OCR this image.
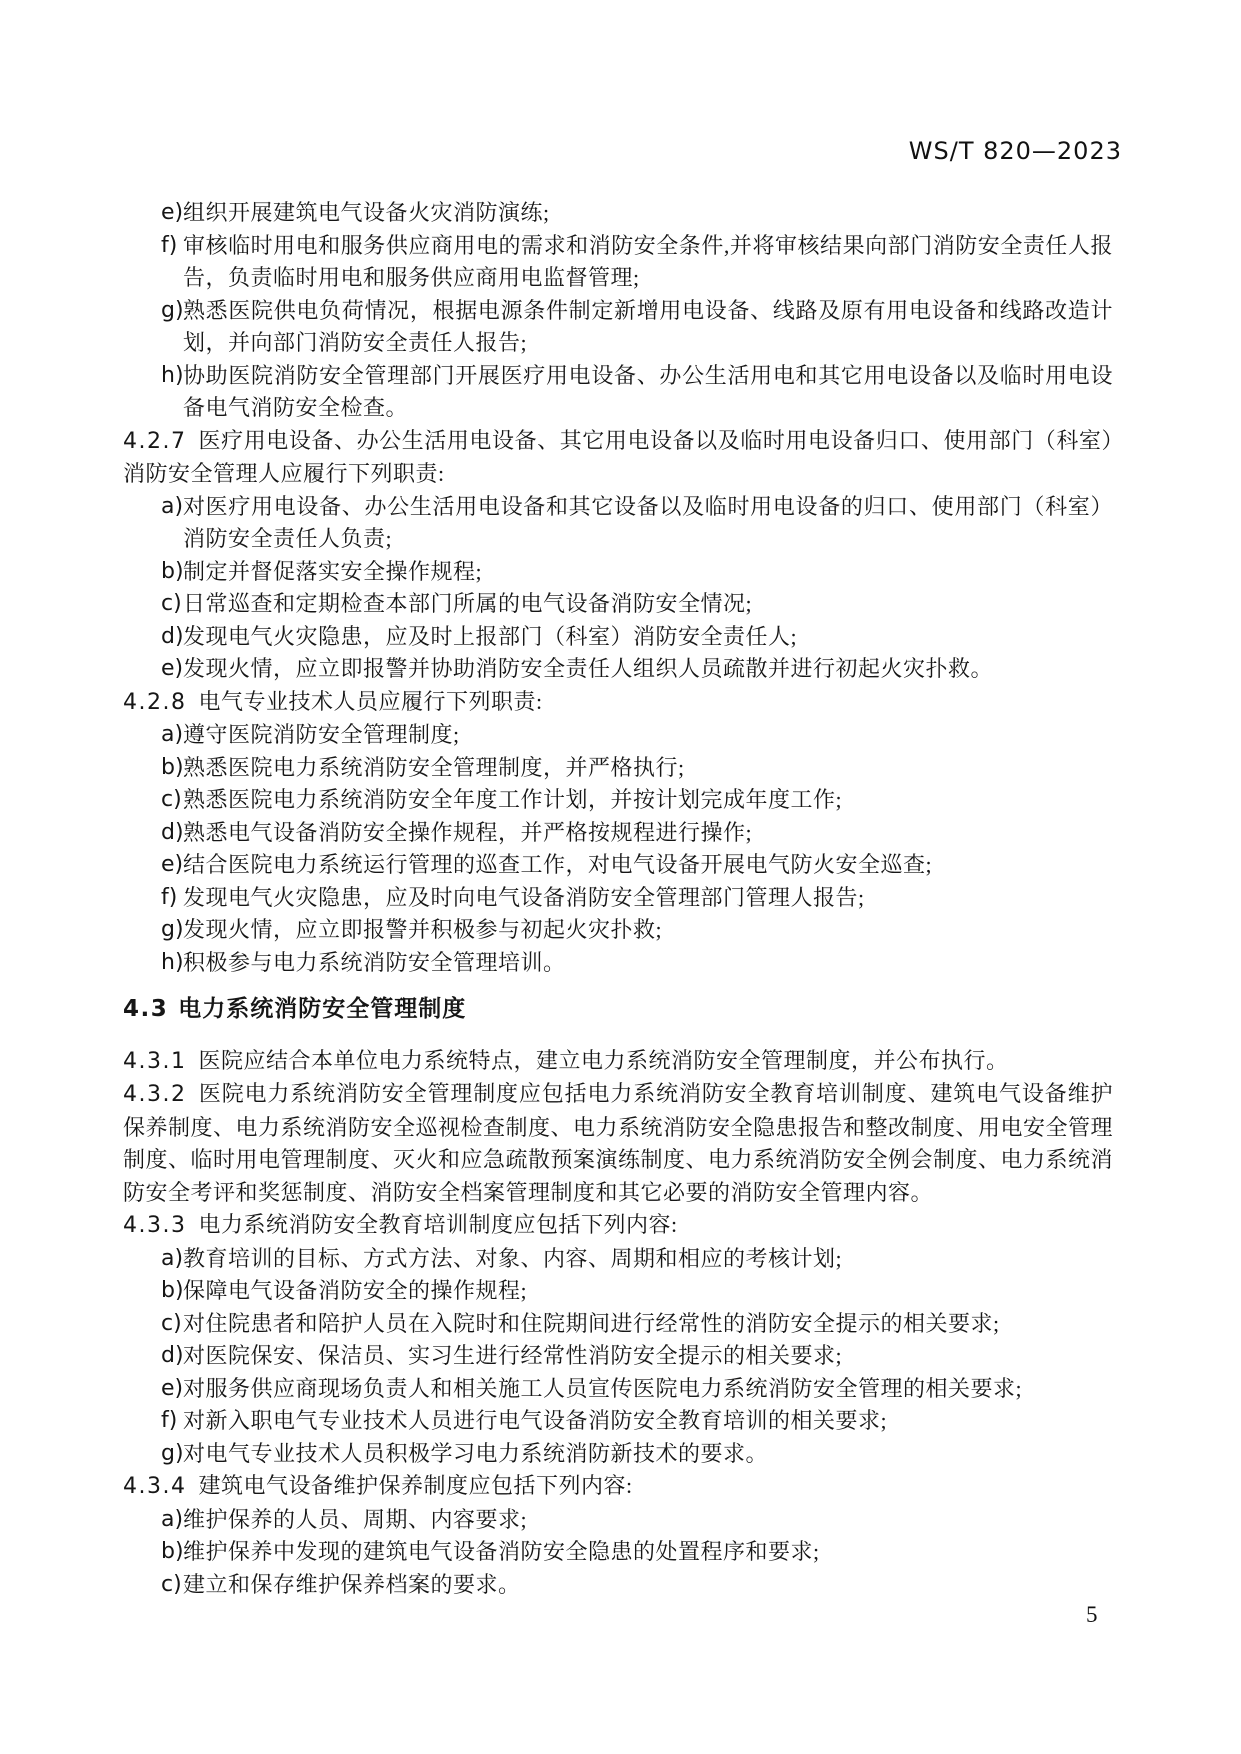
WS/T 820—2023
e) 组织开展建筑电气设备火灾消防演练;
f) 审核临时用电和服务供应商用电的需求和消防安全条件,并将审核结果向部门消防安全责任人报告，负责临时用电和服务供应商用电监督管理;
g) 熟悉医院供电负荷情况，根据电源条件制定新增用电设备、线路及原有用电设备和线路改造计划，并向部门消防安全责任人报告;
h) 协助医院消防安全管理部门开展医疗用电设备、办公生活用电和其它用电设备以及临时用电设备电气消防安全检查。

4.2.7 医疗用电设备、办公生活用电设备、其它用电设备以及临时用电设备归口、使用部门（科室）消防安全管理人应履行下列职责:

a) 对医疗用电设备、办公生活用电设备和其它设备以及临时用电设备的归口、使用部门（科室）消防安全责任人负责;
b) 制定并督促落实安全操作规程;
c) 日常巡查和定期检查本部门所属的电气设备消防安全情况;
d) 发现电气火灾隐患，应及时上报部门（科室）消防安全责任人;
e) 发现火情，应立即报警并协助消防安全责任人组织人员疏散并进行初起火灾扑救。

4.2.8 电气专业技术人员应履行下列职责:

a) 遵守医院消防安全管理制度;
b) 熟悉医院电力系统消防安全管理制度，并严格执行;
c) 熟悉医院电力系统消防安全年度工作计划，并按计划完成年度工作;
d) 熟悉电气设备消防安全操作规程，并严格按规程进行操作;
e) 结合医院电力系统运行管理的巡查工作，对电气设备开展电气防火安全巡查;
f) 发现电气火灾隐患，应及时向电气设备消防安全管理部门管理人报告;
g) 发现火情，应立即报警并积极参与初起火灾扑救;
h) 积极参与电力系统消防安全管理培训。
4.3 电力系统消防安全管理制度

4.3.1 医院应结合本单位电力系统特点，建立电力系统消防安全管理制度，并公布执行。

4.3.2 医院电力系统消防安全管理制度应包括电力系统消防安全教育培训制度、建筑电气设备维护保养制度、电力系统消防安全巡视检查制度、电力系统消防安全隐患报告和整改制度、用电安全管理制度、临时用电管理制度、灭火和应急疏散预案演练制度、电力系统消防安全例会制度、电力系统消防安全考评和奖惩制度、消防安全档案管理制度和其它必要的消防安全管理内容。

4.3.3 电力系统消防安全教育培训制度应包括下列内容:

a) 教育培训的目标、方式方法、对象、内容、周期和相应的考核计划;
b) 保障电气设备消防安全的操作规程;
c) 对住院患者和陪护人员在入院时和住院期间进行经常性的消防安全提示的相关要求;
d) 对医院保安、保洁员、实习生进行经常性消防安全提示的相关要求;
e) 对服务供应商现场负责人和相关施工人员宣传医院电力系统消防安全管理的相关要求;
f) 对新入职电气专业技术人员进行电气设备消防安全教育培训的相关要求;
g) 对电气专业技术人员积极学习电力系统消防新技术的要求。

4.3.4 建筑电气设备维护保养制度应包括下列内容:

a) 维护保养的人员、周期、内容要求;
b) 维护保养中发现的建筑电气设备消防安全隐患的处置程序和要求;
c) 建立和保存维护保养档案的要求。
5
